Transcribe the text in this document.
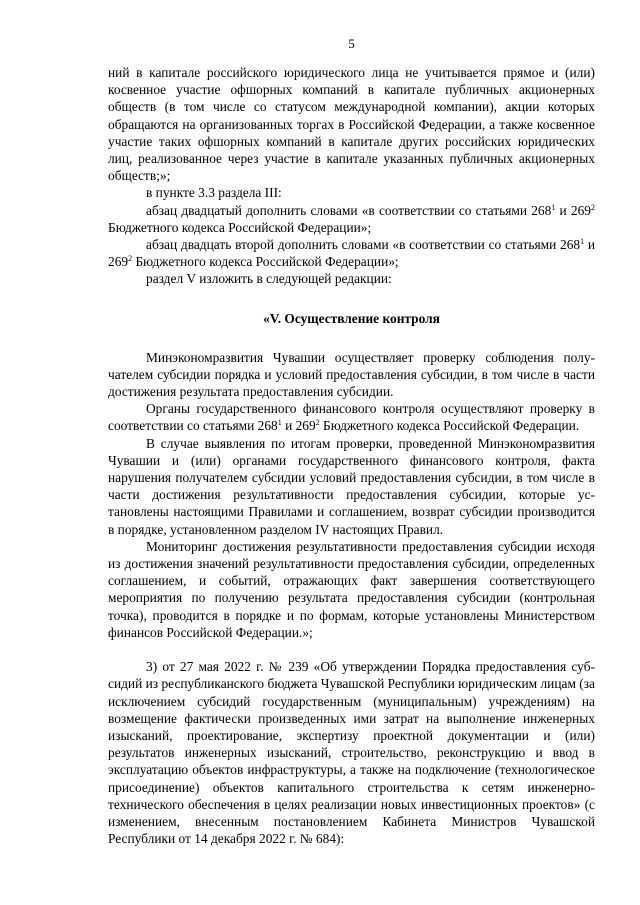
5

ний в капитале российского юридического лица не учитывается прямое и (или) косвенное участие офшорных компаний в капитале публичных акционерных обществ (в том числе со статусом международной компании), акции которых обращаются на организованных торгах в Российской Федерации, а также косвенное участие таких офшорных компаний в капитале других российских юридических лиц, реализованное через участие в капитале указанных публичных акционерных обществ;»;

в пункте 3.3 раздела III:

абзац двадцатый дополнить словами «в соответствии со статьями $268^1$ и $269^2$ Бюджетного кодекса Российской Федерации»;

абзац двадцать второй дополнить словами «в соответствии со статьями $268^1$ и $269^2$ Бюджетного кодекса Российской Федерации»;

раздел V изложить в следующей редакции:

«V. Осуществление контроля

Минэкономразвития Чувашии осуществляет проверку соблюдения получателем субсидии порядка и условий предоставления субсидии, в том числе в части достижения результата предоставления субсидии.

Органы государственного финансового контроля осуществляют проверку в соответствии со статьями $268^1$ и $269^2$ Бюджетного кодекса Российской Федерации.

В случае выявления по итогам проверки, проведенной Минэкономразвития Чувашии и (или) органами государственного финансового контроля, факта нарушения получателем субсидии условий предоставления субсидии, в том числе в части достижения результативности предоставления субсидии, которые установлены настоящими Правилами и соглашением, возврат субсидии производится в порядке, установленном разделом IV настоящих Правил.

Мониторинг достижения результативности предоставления субсидии исходя из достижения значений результативности предоставления субсидии, определенных соглашением, и событий, отражающих факт завершения соответствующего мероприятия по получению результата предоставления субсидии (контрольная точка), проводится в порядке и по формам, которые установлены Министерством финансов Российской Федерации.»;

3) от 27 мая 2022 г. № 239 «Об утверждении Порядка предоставления субсидий из республиканского бюджета Чувашской Республики юридическим лицам (за исключением субсидий государственным (муниципальным) учреждениям) на возмещение фактически произведенных ими затрат на выполнение инженерных изысканий, проектирование, экспертизу проектной документации и (или) результатов инженерных изысканий, строительство, реконструкцию и ввод в эксплуатацию объектов инфраструктуры, а также на подключение (технологическое присоединение) объектов капитального строительства к сетям инженерно-технического обеспечения в целях реализации новых инвестиционных проектов» (с изменением, внесенным постановлением Кабинета Министров Чувашской Республики от 14 декабря 2022 г. № 684):
